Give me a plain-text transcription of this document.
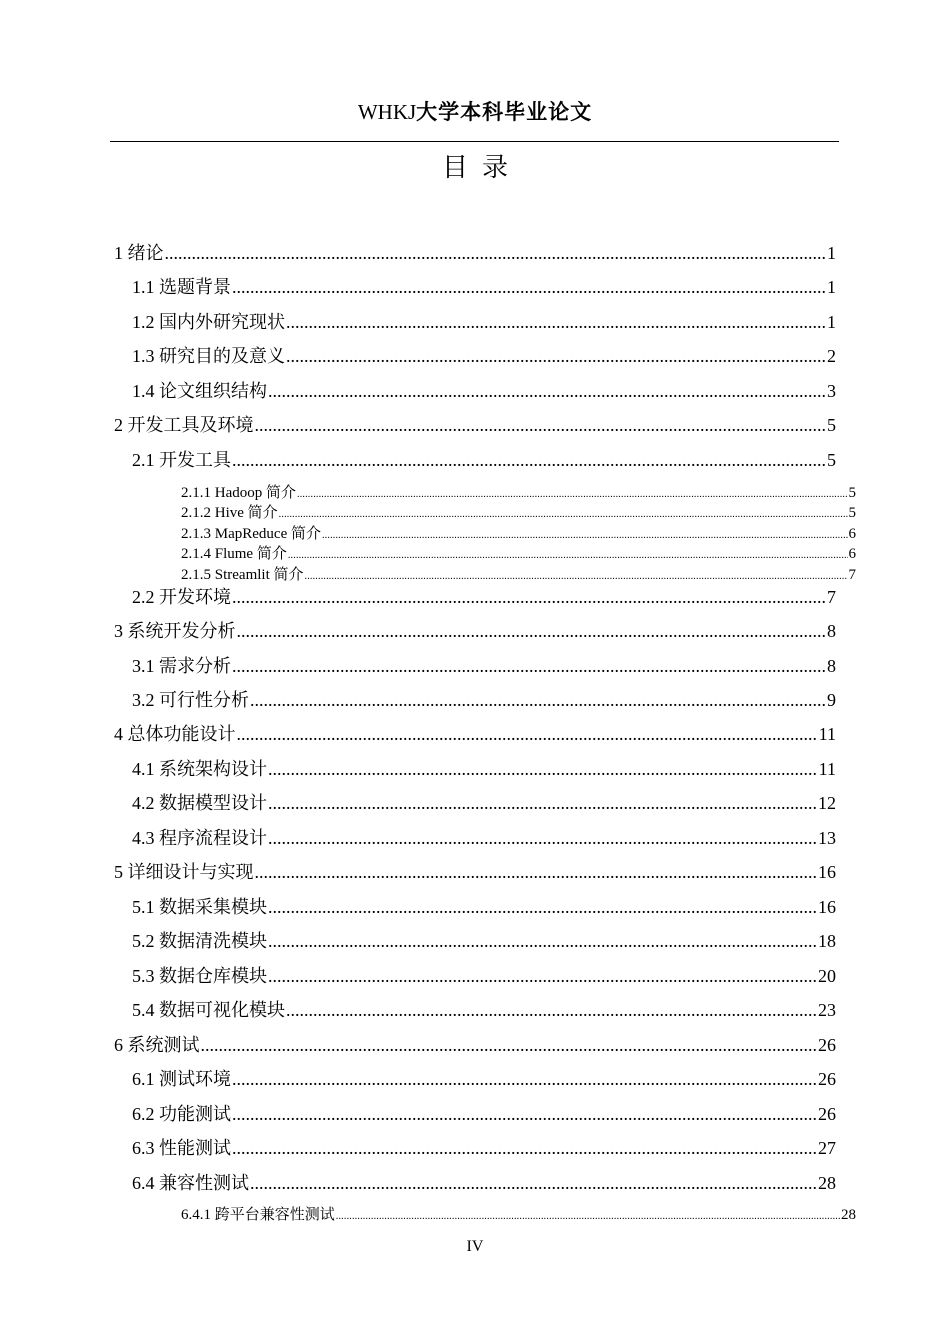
WHKJ大学本科毕业论文
目录
1 绪论 .....	1
1.1 选题背景 .....	1
1.2 国内外研究现状 .....	1
1.3 研究目的及意义 .....	2
1.4 论文组织结构 .....	3
2 开发工具及环境 .....	5
2.1 开发工具 .....	5
2.1.1 Hadoop 简介 .....	5
2.1.2 Hive 简介 .....	5
2.1.3 MapReduce 简介 .....	6
2.1.4 Flume 简介 .....	6
2.1.5 Streamlit 简介 .....	7
2.2 开发环境 .....	7
3 系统开发分析 .....	8
3.1 需求分析 .....	8
3.2 可行性分析 .....	9
4 总体功能设计 .....	11
4.1 系统架构设计 .....	11
4.2 数据模型设计 .....	12
4.3 程序流程设计 .....	13
5 详细设计与实现 .....	16
5.1 数据采集模块 .....	16
5.2 数据清洗模块 .....	18
5.3 数据仓库模块 .....	20
5.4 数据可视化模块 .....	23
6 系统测试 .....	26
6.1 测试环境 .....	26
6.2 功能测试 .....	26
6.3 性能测试 .....	27
6.4 兼容性测试 .....	28
6.4.1 跨平台兼容性测试 .....	28
IV
